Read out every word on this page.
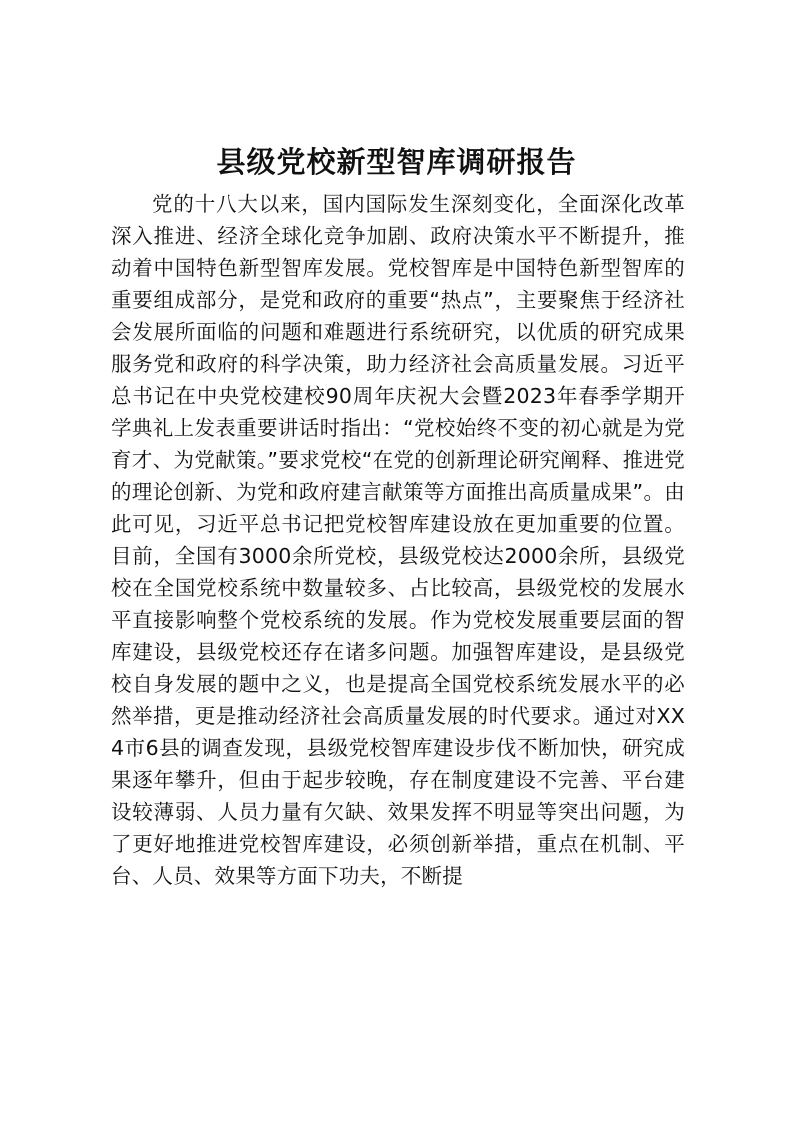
县级党校新型智库调研报告

党的十八大以来，国内国际发生深刻变化，全面深化改革深入推进、经济全球化竞争加剧、政府决策水平不断提升，推动着中国特色新型智库发展。党校智库是中国特色新型智库的重要组成部分，是党和政府的重要“热点”，主要聚焦于经济社会发展所面临的问题和难题进行系统研究，以优质的研究成果服务党和政府的科学决策，助力经济社会高质量发展。习近平总书记在中央党校建校90周年庆祝大会暨2023年春季学期开学典礼上发表重要讲话时指出：“党校始终不变的初心就是为党育才、为党献策。”要求党校“在党的创新理论研究阐释、推进党的理论创新、为党和政府建言献策等方面推出高质量成果”。由此可见，习近平总书记把党校智库建设放在更加重要的位置。目前，全国有3000余所党校，县级党校达2000余所，县级党校在全国党校系统中数量较多、占比较高，县级党校的发展水平直接影响整个党校系统的发展。作为党校发展重要层面的智库建设，县级党校还存在诸多问题。加强智库建设，是县级党校自身发展的题中之义，也是提高全国党校系统发展水平的必然举措，更是推动经济社会高质量发展的时代要求。通过对XX4市6县的调查发现，县级党校智库建设步伐不断加快，研究成果逐年攀升，但由于起步较晚，存在制度建设不完善、平台建设较薄弱、人员力量有欠缺、效果发挥不明显等突出问题，为了更好地推进党校智库建设，必须创新举措，重点在机制、平台、人员、效果等方面下功夫，不断提
